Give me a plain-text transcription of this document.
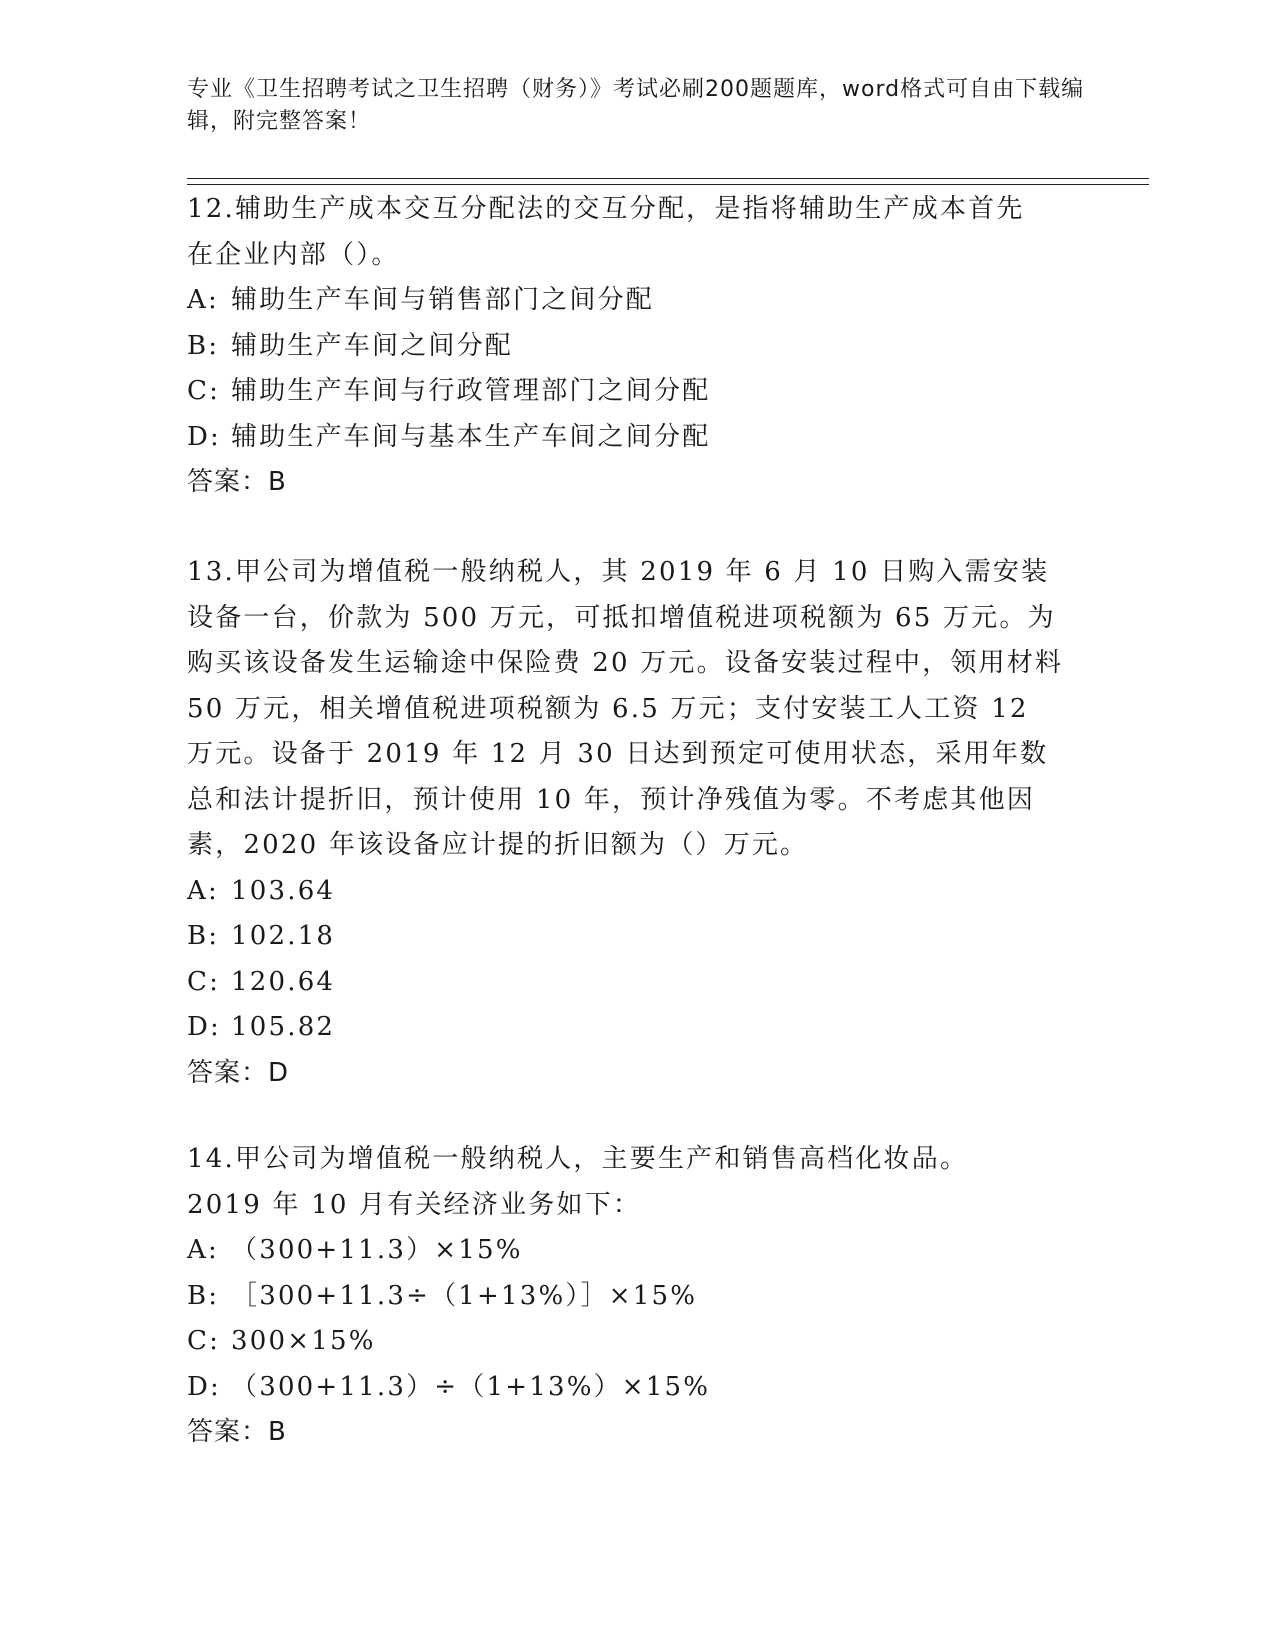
专业《卫生招聘考试之卫生招聘（财务）》考试必刷200题题库，word格式可自由下载编辑，附完整答案！

12.辅助生产成本交互分配法的交互分配，是指将辅助生产成本首先在企业内部（）。

A: 辅助生产车间与销售部门之间分配

B: 辅助生产车间之间分配

C: 辅助生产车间与行政管理部门之间分配

D: 辅助生产车间与基本生产车间之间分配

答案：B

13.甲公司为增值税一般纳税人，其 2019 年 6 月 10 日购入需安装设备一台，价款为 500 万元，可抵扣增值税进项税额为 65 万元。为购买该设备发生运输途中保险费 20 万元。设备安装过程中，领用材料 50 万元，相关增值税进项税额为 6.5 万元；支付安装工人工资 12 万元。设备于 2019 年 12 月 30 日达到预定可使用状态，采用年数总和法计提折旧，预计使用 10 年，预计净残值为零。不考虑其他因素，2020 年该设备应计提的折旧额为（）万元。

A: 103.64

B: 102.18

C: 120.64

D: 105.82

答案：D

14.甲公司为增值税一般纳税人，主要生产和销售高档化妆品。2019 年 10 月有关经济业务如下：

A: （300+11.3）×15%

B: ［300+11.3÷（1+13%）］×15%

C: 300×15%

D: （300+11.3）÷（1+13%）×15%

答案：B
